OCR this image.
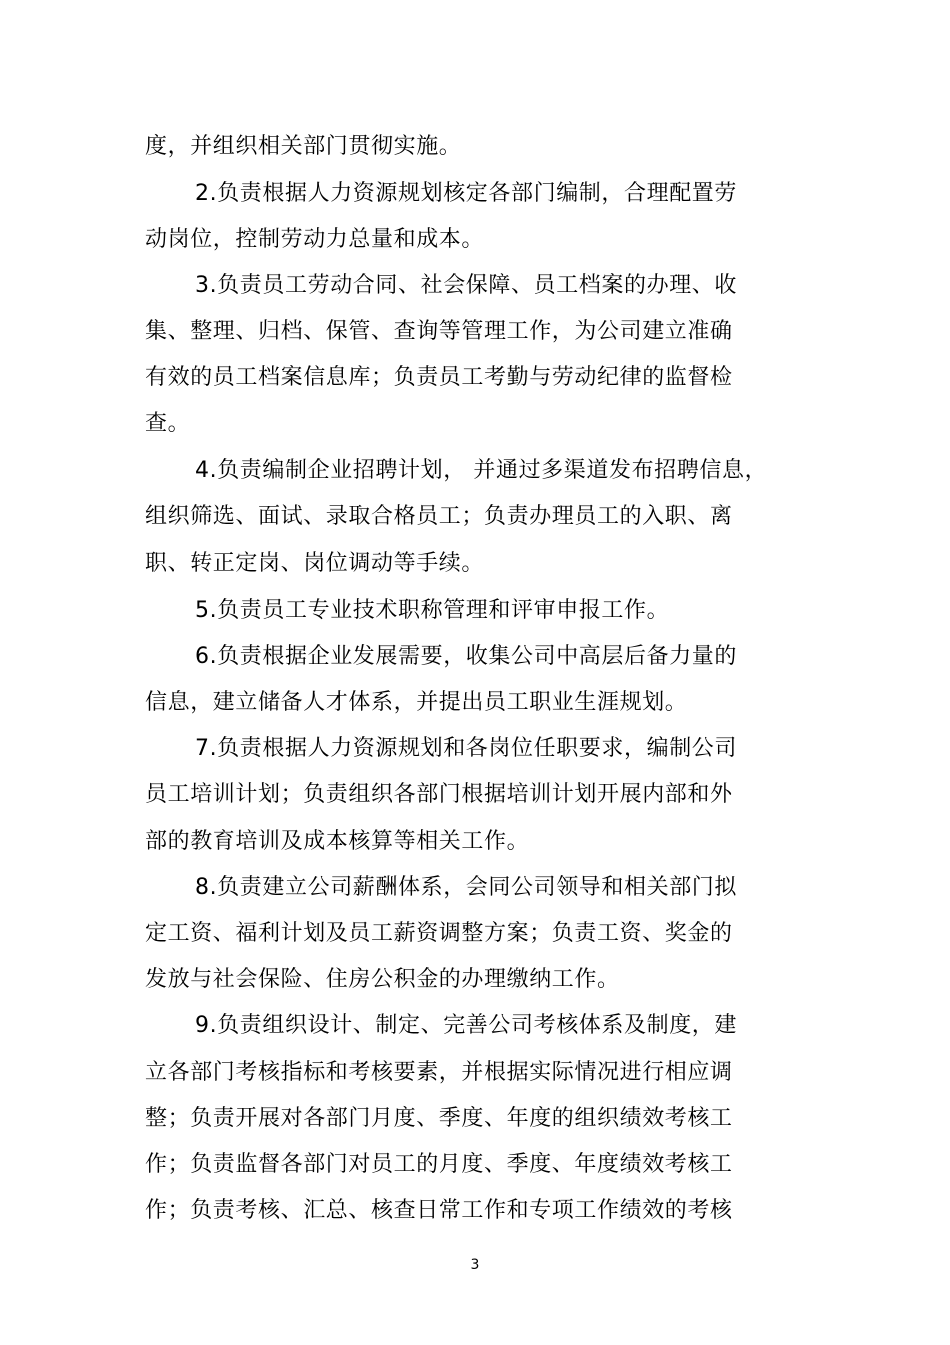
度，并组织相关部门贯彻实施。
2.负责根据人力资源规划核定各部门编制，合理配置劳
动岗位，控制劳动力总量和成本。
3.负责员工劳动合同、社会保障、员工档案的办理、收
集、整理、归档、保管、查询等管理工作，为公司建立准确
有效的员工档案信息库；负责员工考勤与劳动纪律的监督检
查。
4.负责编制企业招聘计划， 并通过多渠道发布招聘信息，
组织筛选、面试、录取合格员工；负责办理员工的入职、离
职、转正定岗、岗位调动等手续。
5.负责员工专业技术职称管理和评审申报工作。
6.负责根据企业发展需要，收集公司中高层后备力量的
信息，建立储备人才体系，并提出员工职业生涯规划。
7.负责根据人力资源规划和各岗位任职要求，编制公司
员工培训计划；负责组织各部门根据培训计划开展内部和外
部的教育培训及成本核算等相关工作。
8.负责建立公司薪酬体系，会同公司领导和相关部门拟
定工资、福利计划及员工薪资调整方案；负责工资、奖金的
发放与社会保险、住房公积金的办理缴纳工作。
9.负责组织设计、制定、完善公司考核体系及制度，建
立各部门考核指标和考核要素，并根据实际情况进行相应调
整；负责开展对各部门月度、季度、年度的组织绩效考核工
作；负责监督各部门对员工的月度、季度、年度绩效考核工
作；负责考核、汇总、核查日常工作和专项工作绩效的考核
3
